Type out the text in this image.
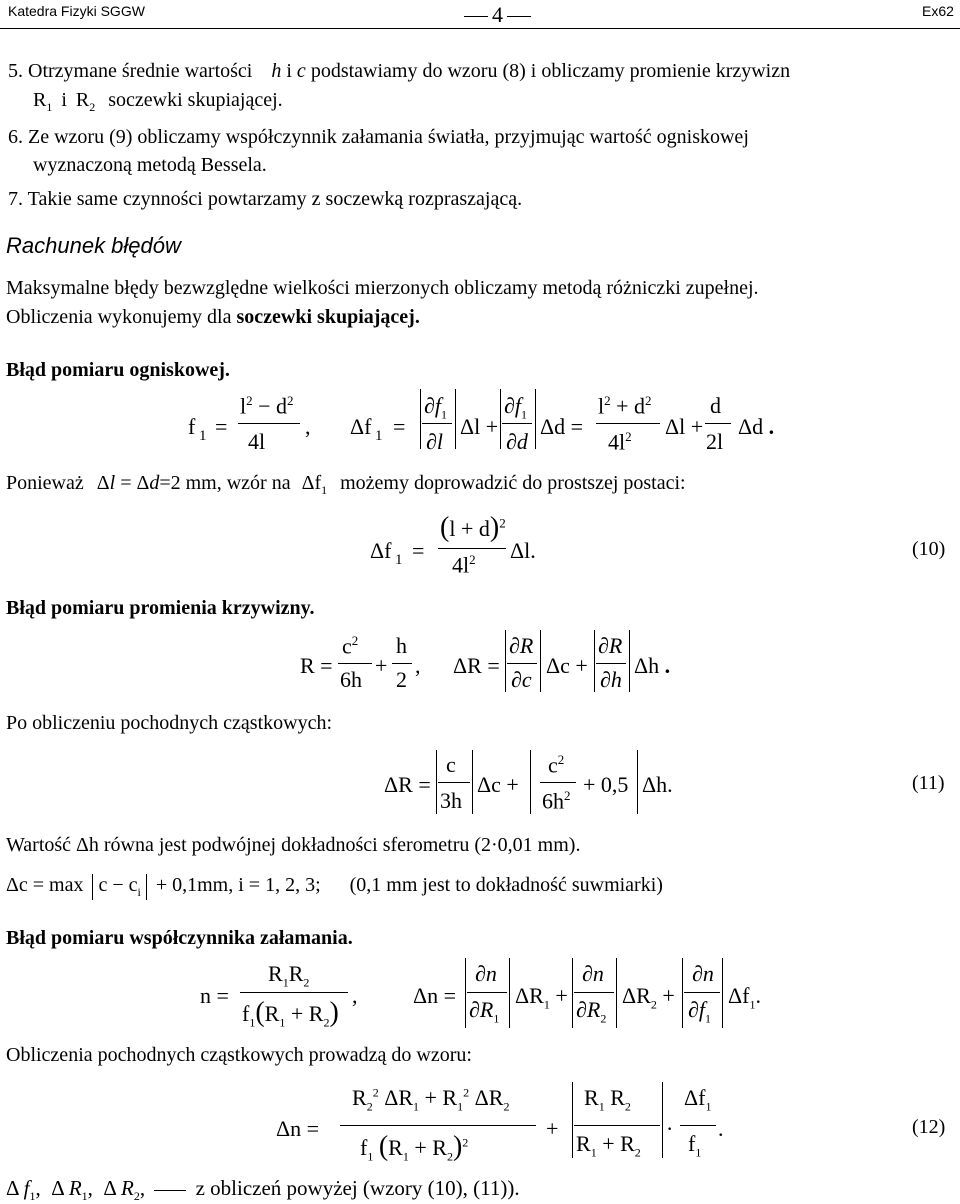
Katedra Fizyki SGGW	4	Ex62
5. Otrzymane średnie wartości h i c podstawiamy do wzoru (8) i obliczamy promienie krzywizn
$R_1$ i $R_2$ soczewki skupiającej.
6. Ze wzoru (9) obliczamy współczynnik załamania światła, przyjmując wartość ogniskowej
wyznaczoną metodą Bessela.
7. Takie same czynności powtarzamy z soczewką rozpraszającą.
Rachunek błędów
Maksymalne błędy bezwzględne wielkości mierzonych obliczamy metodą różniczki zupełnej.
Obliczenia wykonujemy dla soczewki skupiającej.
Błąd pomiaru ogniskowej.
f 1 =
$l^2 - d^2$
4l
, Δf 1 =
$\partial f_1$
∂l
Δl +
$\partial f_1$
∂d
Δd =
$l^2 + d^2$
$4l^2$ Δl +
d
2l
Δd .
Ponieważ Δl = Δd=2 mm, wzór na $\Delta f_1$ możemy doprowadzić do prostszej postaci:
Δf 1 =
$(l + d)^2$
$4l^2$ Δl.	(10)
Błąd pomiaru promienia krzywizny.
R =
$c^2$
6h
+
h
2
, ΔR =
∂R
∂c
Δc +
∂R
∂h
Δh .
Po obliczeniu pochodnych cząstkowych:
ΔR =
c
3h
Δc +
$c^2$
$6h^2 + 0,5$ Δh.	(11)
Wartość Δh równa jest podwójnej dokładności sferometru (2·0,01 mm).
$\Delta c = \max c - c_i + 0,1mm$, i = 1, 2, 3; (0,1 mm jest to dokładność suwmiarki)
Błąd pomiaru współczynnika załamania.
n =
$R_1R_2$
$f_1(R_1 + R_2)$
,	Δn =
∂n
$\partial R_1$
$\Delta R_1$ +
∂n
$\partial R_2$
$\Delta R_2$ +
∂n
$\partial f_1$
$\Delta f_1$.
Obliczenia pochodnych cząstkowych prowadzą do wzoru:
Δn =
$R_2^2$ $\Delta R_1 + R_1^2$ $\Delta R_2$
$f_1$ $(R_1 + R_2)^2$
+
$R_1$ $R_2$
$R_1 + R_2$
·
$\Delta f_1$
$f_1$
.	(12)
Δ $f_1$,  Δ $R_1$,  Δ $R_2$, z obliczeń powyżej (wzory (10), (11)).
